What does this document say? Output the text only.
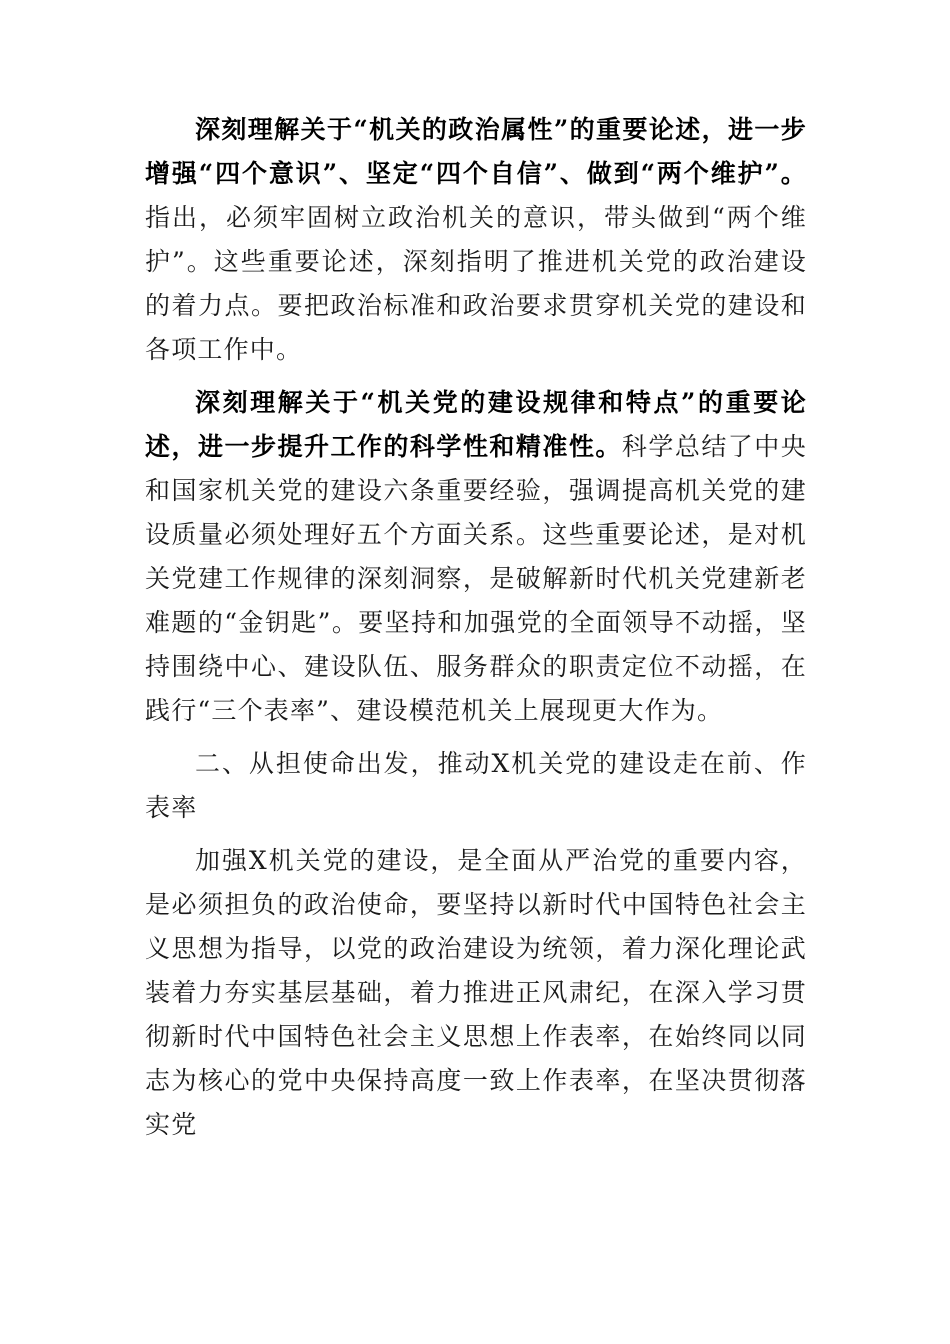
深刻理解关于“机关的政治属性”的重要论述，进一步增强“四个意识”、坚定“四个自信”、做到“两个维护”。指出，必须牢固树立政治机关的意识，带头做到“两个维护”。这些重要论述，深刻指明了推进机关党的政治建设的着力点。要把政治标准和政治要求贯穿机关党的建设和各项工作中。

深刻理解关于“机关党的建设规律和特点”的重要论述，进一步提升工作的科学性和精准性。科学总结了中央和国家机关党的建设六条重要经验，强调提高机关党的建设质量必须处理好五个方面关系。这些重要论述，是对机关党建工作规律的深刻洞察，是破解新时代机关党建新老难题的“金钥匙”。要坚持和加强党的全面领导不动摇，坚持围绕中心、建设队伍、服务群众的职责定位不动摇，在践行“三个表率”、建设模范机关上展现更大作为。

二、从担使命出发，推动X机关党的建设走在前、作表率

加强X机关党的建设，是全面从严治党的重要内容，是必须担负的政治使命，要坚持以新时代中国特色社会主义思想为指导，以党的政治建设为统领，着力深化理论武装着力夯实基层基础，着力推进正风肃纪，在深入学习贯彻新时代中国特色社会主义思想上作表率，在始终同以同志为核心的党中央保持高度一致上作表率，在坚决贯彻落实党
